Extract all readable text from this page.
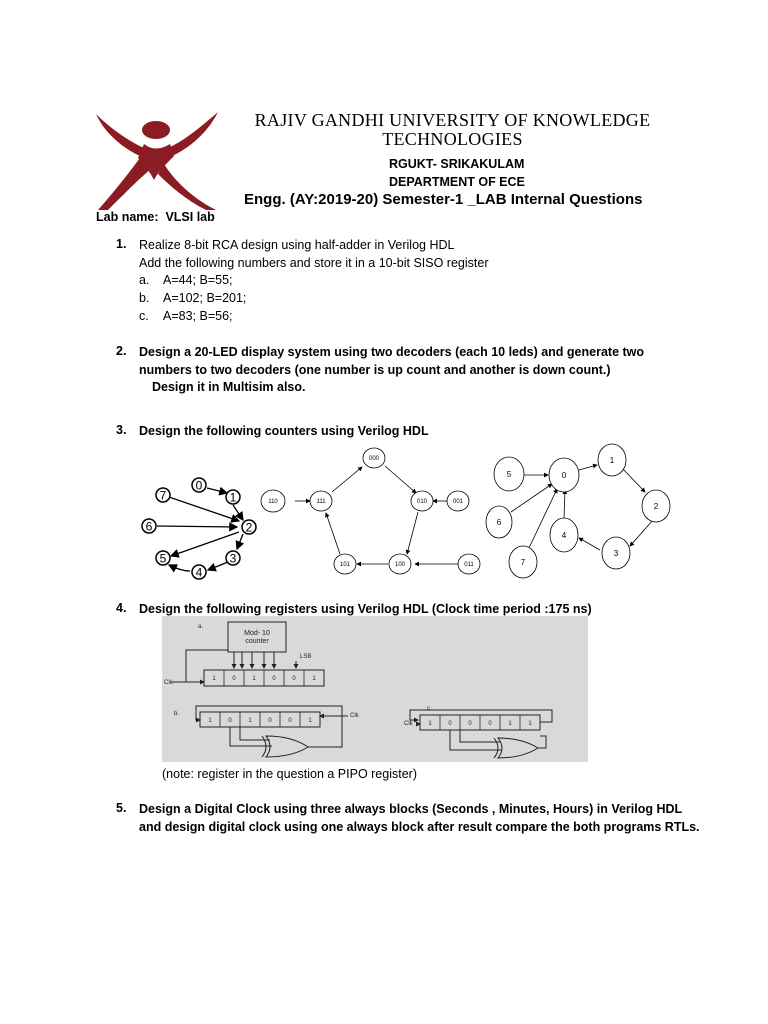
RAJIV GANDHI UNIVERSITY OF KNOWLEDGE
TECHNOLOGIES
RGUKT- SRIKAKULAM
DEPARTMENT OF ECE
Engg. (AY:2019-20) Semester-1 _LAB Internal Questions
Lab name:  VLSI lab
1. Realize 8-bit RCA design using half-adder in Verilog HDL
Add the following numbers and store it in a 10-bit SISO register
a. A=44; B=55;
b. A=102; B=201;
c. A=83; B=56;
2. Design a 20-LED display system using two decoders (each 10 leds) and generate two
numbers to two decoders (one number is up count and another is down count.)
Design it in Multisim also.
3. Design the following counters using Verilog HDL
0
1
7
6	2
5	3
4
000
010	001
100	011
101
111
110
5	0
1
6
4
2
7
3
4. Design the following registers using Verilog HDL (Clock time period :175 ns)
a.
b.
c.
Mod- 10
counter
LSB
Clk
1	0	1	0	0	1
1	0	1	0	0	1
Clk
Clk	1	0	0	0	1	1
(note: register in the question a PIPO register)
5. Design a Digital Clock using three always blocks (Seconds , Minutes, Hours) in Verilog HDL
and design digital clock using one always block after result compare the both programs RTLs.
